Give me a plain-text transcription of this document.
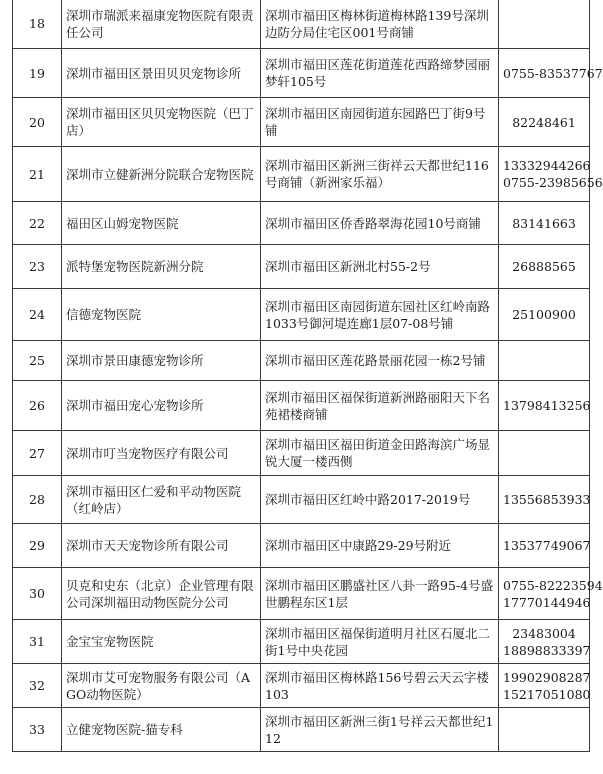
18	深圳市瑞派来福康宠物医院有限责任公司	深圳市福田区梅林街道梅林路139号深圳边防分局住宅区001号商铺	
19	深圳市福田区景田贝贝宠物诊所	深圳市福田区莲花街道莲花西路缔梦园丽梦轩105号	0755-83537767

20	深圳市福田区贝贝宠物医院（巴丁店）	深圳市福田区南园街道东园路巴丁街9号铺	82248461

21	深圳市立健新洲分院联合宠物医院	深圳市福田区新洲三街祥云天都世纪116号商铺（新洲家乐福）	13332944266
0755-23985656

22	福田区山姆宠物医院	深圳市福田区侨香路翠海花园10号商铺	83141663

23	派特堡宠物医院新洲分院	深圳市福田区新洲北村55-2号	26888565

24	信德宠物医院	深圳市福田区南园街道东园社区红岭南路1033号御河堤连廊1层07-08号铺	25100900

25	深圳市景田康德宠物诊所	深圳市福田区莲花路景丽花园一栋2号铺	
26	深圳市福田宠心宠物诊所	深圳市福田区福保街道新洲路丽阳天下名苑裙楼商铺	13798413256

27	深圳市叮当宠物医疗有限公司	深圳市福田区福田街道金田路海滨广场显锐大厦一楼西侧	
28	深圳市福田区仁爱和平动物医院（红岭店）	深圳市福田区红岭中路2017-2019号	13556853933

29	深圳市天天宠物诊所有限公司	深圳市福田区中康路29-29号附近	13537749067

30	贝克和史东（北京）企业管理有限公司深圳福田动物医院分公司	深圳市福田区鹏盛社区八卦一路95-4号盛世鹏程东区1层	0755-82223594
17770144946

31	金宝宝宠物医院	深圳市福田区福保街道明月社区石厦北二街1号中央花园	23483004
18898833397

32	深圳市艾可宠物服务有限公司（AGO动物医院）	深圳市福田区梅林路156号碧云天云字楼103	19902908287
15217051080

33	立健宠物医院-猫专科	深圳市福田区新洲三街1号祥云天都世纪112	
